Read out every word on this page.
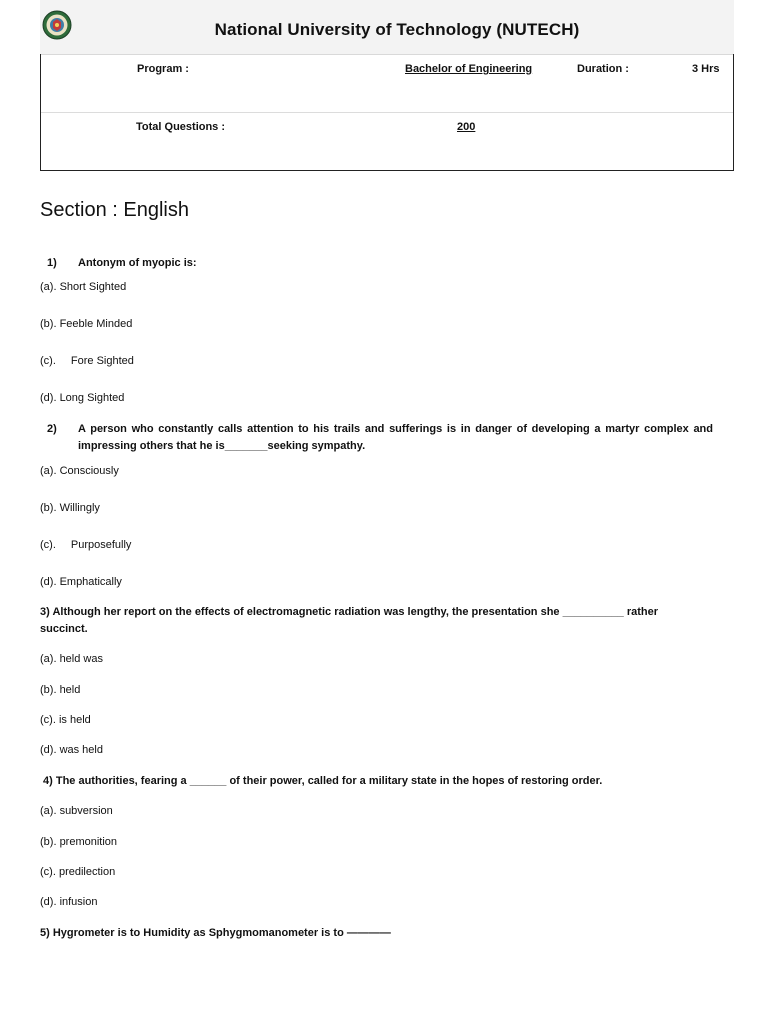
National University of Technology (NUTECH)
Program :	Bachelor of Engineering	Duration :	3 Hrs
Total Questions :	200
Section : English
1) Antonym of myopic is:
(a). Short Sighted
(b). Feeble Minded
(c). Fore Sighted
(d). Long Sighted
2)	A person who constantly calls attention to his trails and sufferings is in danger of developing a martyr complex and impressing others that he is_______seeking sympathy.
(a). Consciously
(b). Willingly
(c). Purposefully
(d). Emphatically
3) Although her report on the effects of electromagnetic radiation was lengthy, the presentation she __________ rather succinct.
(a). held was
(b). held
(c). is held
(d). was held
4) The authorities, fearing a ______ of their power, called for a military state in the hopes of restoring order.
(a). subversion
(b). premonition
(c). predilection
(d). infusion
5) Hygrometer is to Humidity as Sphygmomanometer is to ————
